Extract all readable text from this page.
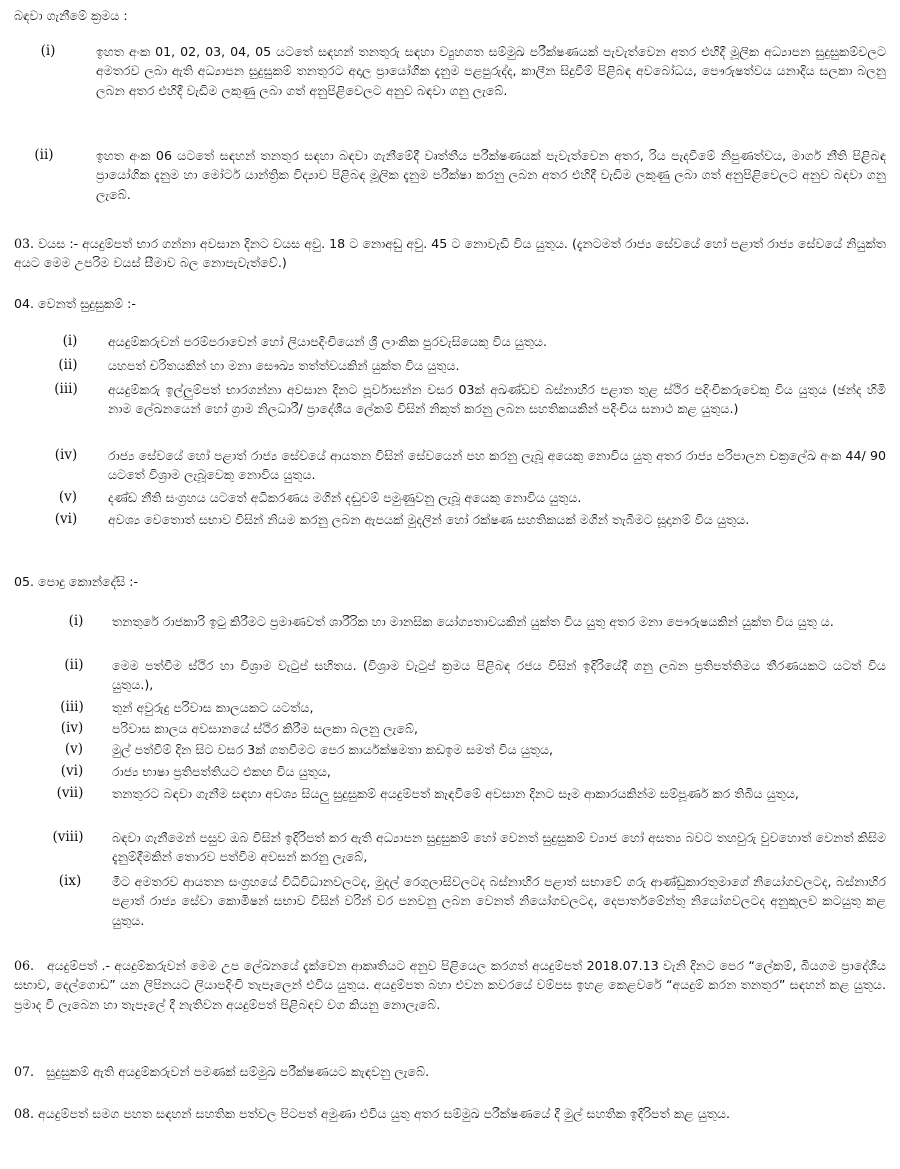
බඳවා ගැනීමේ ක්‍රමය :
(i)	ඉහත අංක 01, 02, 03, 04, 05 යටතේ සඳහන් තනතුරු සඳහා ව්‍යුහගත සම්මුඛ පරීක්ෂණයක් පැවැත්වෙන අතර එහිදී මූලික අධ්‍යාපන සුදුසුකම්වලට අමතරව ලබා ඇති අධ්‍යාපන සුදුසුකම් තනතුරට අදාල ප්‍රායෝගික දැනුම පළපුරුද්ද, කාලීන සිදුවීම් පිළිබඳ අවබෝධය, පෞරුෂත්වය යනාදිය සලකා බලනු ලබන අතර එහිදී වැඩිම ලකුණු ලබා ගත් අනුපිළිවෙලට අනුව බඳවා ගනු ලැබේ.
(ii)	ඉහත අංක 06 යටතේ සඳහන් තනතුර සඳහා බඳවා ගැනීමේදී වෘත්තීය පරීක්ෂණයක් පැවැත්වෙන අතර, රිය පැදවීමේ නිපුණත්වය, මාර්ග නීති පිළිබඳ ප්‍රායෝගික දැනුම හා මෝටර් යාන්ත්‍රික විද්‍යාව පිළිබඳ මූලික දැනුම පරීක්ෂා කරනු ලබන අතර එහිදී වැඩිම ලකුණු ලබා ගත් අනුපිළිවෙලට අනුව බඳවා ගනු ලැබේ.
03. වයස :- අයදුම්පත් භාර ගන්නා අවසාන දිනට වයස අවු. 18 ට නොඅඩු අවු. 45 ට නොවැඩි විය යුතුය. (දැනටමත් රාජ්‍ය සේවයේ හෝ පළාත් රාජ්‍ය සේවයේ නියුක්ත අයට මෙම උපරිම වයස් සීමාව බල නොපැවැත්වේ.)
04. වෙනත් සුදුසුකම් :-
(i)	අයදුම්කරුවන් පරම්පරාවෙන් හෝ ලියාපදිංචියෙන් ශ්‍රී ලාංකික පුරවැසියෙකු විය යුතුය.
(ii)	යහපත් චරිතයකින් හා මනා සෞඛ්‍ය තත්ත්වයකින් යුක්ත විය යුතුය.
(iii)	අයදුම්කරු ඉල්ලුම්පත් භාරගන්නා අවසාන දිනට පූර්වාසන්න වසර 03ක් අඛණ්ඩව බස්නාහිර පළාත තුළ ස්ථිර පදිංචිකරුවෙකු විය යුතුය (ඡන්ද හිමි නාම ලේඛනයෙන් හෝ ග්‍රාම නිලධාරී/ ප්‍රාදේශීය ලේකම් විසින් නිකුත් කරනු ලබන සහතිකයකින් පදිංචිය සනාථ කළ යුතුය.)
(iv)	රාජ්‍ය සේවයේ හෝ පළාත් රාජ්‍ය සේවයේ ආයතන විසින් සේවයෙන් පහ කරනු ලැබූ අයෙකු නොවිය යුතු අතර රාජ්‍ය පරිපාලන චක්‍රලේඛ අංක 44/ 90 යටතේ විශ්‍රාම ලැබූවෙකු නොවිය යුතුය.
(v)	දණ්ඩ නීති සංග්‍රහය යටතේ අධිකරණය මගින් දඬුවම් පමුණුවනු ලැබූ අයෙකු නොවිය යුතුය.
(vi)	අවශ්‍ය වෙතොත් සභාව විසින් නියම කරනු ලබන ඇපයක් මුදලින් හෝ රක්ෂණ සහතිකයක් මගින් තැබීමට සූදානම් විය යුතුය.
05. පොදු කොන්දේසි :-
(i)	තනතුරේ රාජකාරි ඉටු කිරීමට ප්‍රමාණවත් ශාරීරික හා මානසික යෝග්‍යතාවයකින් යුක්ත විය යුතු අතර මනා පෞරුෂයකින් යුක්ත විය යුතු ය.
(ii)	මෙම පත්වීම ස්ථිර හා විශ්‍රාම වැටුප් සහිතය. (විශ්‍රාම වැටුප් ක්‍රමය පිළිබඳ රජය විසින් ඉදිරියේදී ගනු ලබන ප්‍රතිපත්තිමය තීරණයකට යටත් විය යුතුය.),
(iii)	තුන් අවුරුදු පරිවාස කාලයකට යටත්ය,
(iv)	පරිවාස කාලය අවසානයේ ස්ථිර කිරීම සලකා බලනු ලැබේ,
(v)	මුල් පත්වීම් දින සිට වසර 3ක් ගතවීමට පෙර කාර්යක්ෂමතා කඩඉම සමත් විය යුතුය,
(vi)	රාජ්‍ය භාෂා ප්‍රතිපත්තියට එකඟ විය යුතුය,
(vii)	තනතුරට බඳවා ගැනීම සඳහා අවශ්‍ය සියලු සුදුසුකම් අයදුම්පත් කැඳවීමේ අවසාන දිනට සෑම ආකාරයකින්ම සම්පූර්ණ කර තිබිය යුතුය,
(viii)	බඳවා ගැනීමෙන් පසුව ඔබ විසින් ඉදිරිපත් කර ඇති අධ්‍යාපන සුදුසුකම් හෝ වෙනත් සුදුසුකම් ව්‍යාජ හෝ අසත්‍ය බවට තහවුරු වුවහොත් වෙනත් කිසිම දැනුම්දීමකින් තොරව පත්වීම අවසන් කරනු ලැබේ,
(ix)	මීට අමතරව ආයතන සංග්‍රහයේ විධිවිධානවලටද, මුදල් රෙගුලාසිවලටද බස්නාහිර පළාත් සභාවේ ගරු ආණ්ඩුකාරතුමාගේ නියෝගවලටද, බස්නාහිර පළාත් රාජ්‍ය සේවා කොමිෂන් සභාව විසින් වරින් වර පනවනු ලබන වෙනත් නියෝගවලටද, දෙපාර්තමේන්තු නියෝගවලටද අනුකූලව කටයුතු කළ යුතුය.
06. අයදුම්පත් .- අයදුම්කරුවන් මෙම උප ලේඛනයේ දැක්වෙන ආකෘතියට අනුව පිළියෙල කරගත් අයදුම්පත් 2018.07.13 වැනි දිනට පෙර “ලේකම්, බියගම ප්‍රාදේශීය සභාව, දෙල්ගොඩ” යන ලිපිනයට ලියාපදිංචි තැපෑලෙන් එවිය යුතුය. අයදුම්පත බහා එවන කවරයේ වම්පස ඉහළ කෙළවරේ “අයදුම් කරන තනතුර” සඳහන් කළ යුතුය. ප්‍රමාද වී ලැබෙන හා තැපෑලේ දී නැතිවන අයදුම්පත් පිළිබඳව වග කියනු නොලැබේ.
07. සුදුසුකම් ඇති අයදුම්කරුවන් පමණක් සම්මුඛ පරීක්ෂණයට කැඳවනු ලැබේ.
08. අයදුම්පත් සමග පහත සඳහන් සහතික පත්වල පිටපත් අමුණා එවිය යුතු අතර සම්මුඛ පරීක්ෂණයේ දී මුල් සහතික ඉදිරිපත් කළ යුතුය.
